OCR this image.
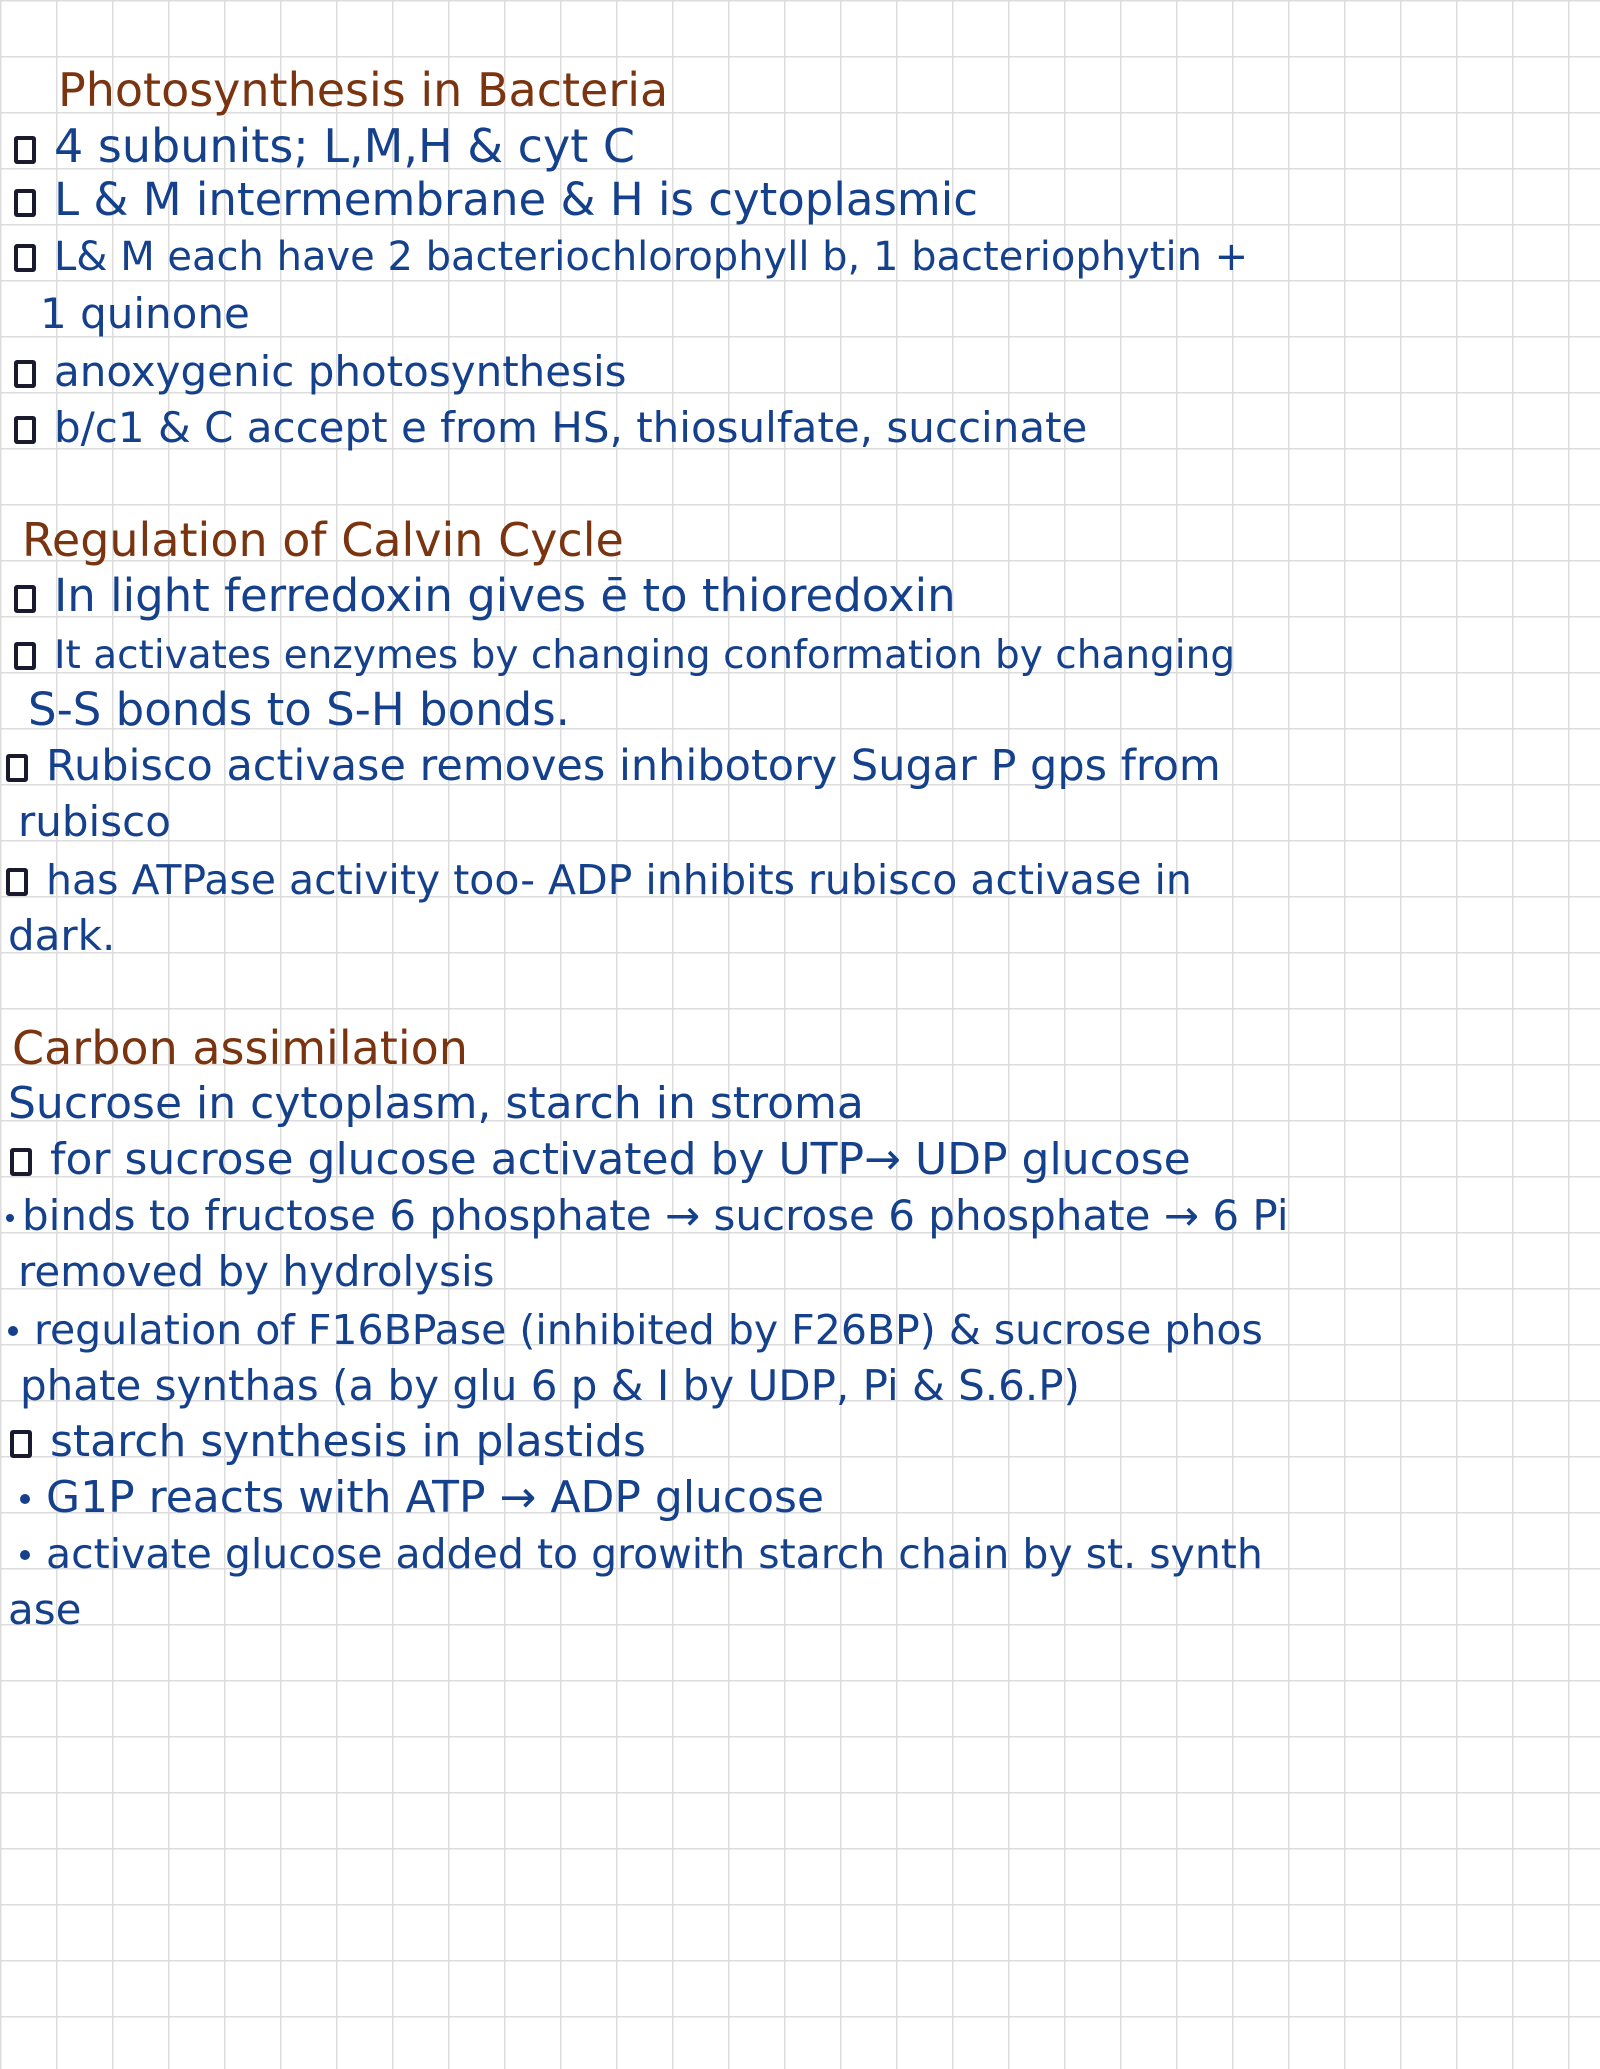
Photosynthesis in Bacteria
4 subunits; L,M,H & cyt C
L & M intermembrane & H is cytoplasmic
L& M each have 2 bacteriochlorophyll b, 1 bacteriophytin +
1 quinone
anoxygenic photosynthesis
b/c1 & C accept e from HS, thiosulfate, succinate
Regulation of Calvin Cycle
In light ferredoxin gives ē to thioredoxin
It activates enzymes by changing conformation by changing
S-S bonds to S-H bonds.
Rubisco activase removes inhibotory Sugar P gps from
rubisco
has ATPase activity too- ADP inhibits rubisco activase in
dark.
Carbon assimilation
Sucrose in cytoplasm, starch in stroma
for sucrose glucose activated by UTP→ UDP glucose
binds to fructose 6 phosphate → sucrose 6 phosphate → 6 Pi
removed by hydrolysis
regulation of F16BPase (inhibited by F26BP) & sucrose phos
phate synthas (a by glu 6 p & I by UDP, Pi & S.6.P)
starch synthesis in plastids
G1P reacts with ATP → ADP glucose
activate glucose added to growith starch chain by st. synth
ase
